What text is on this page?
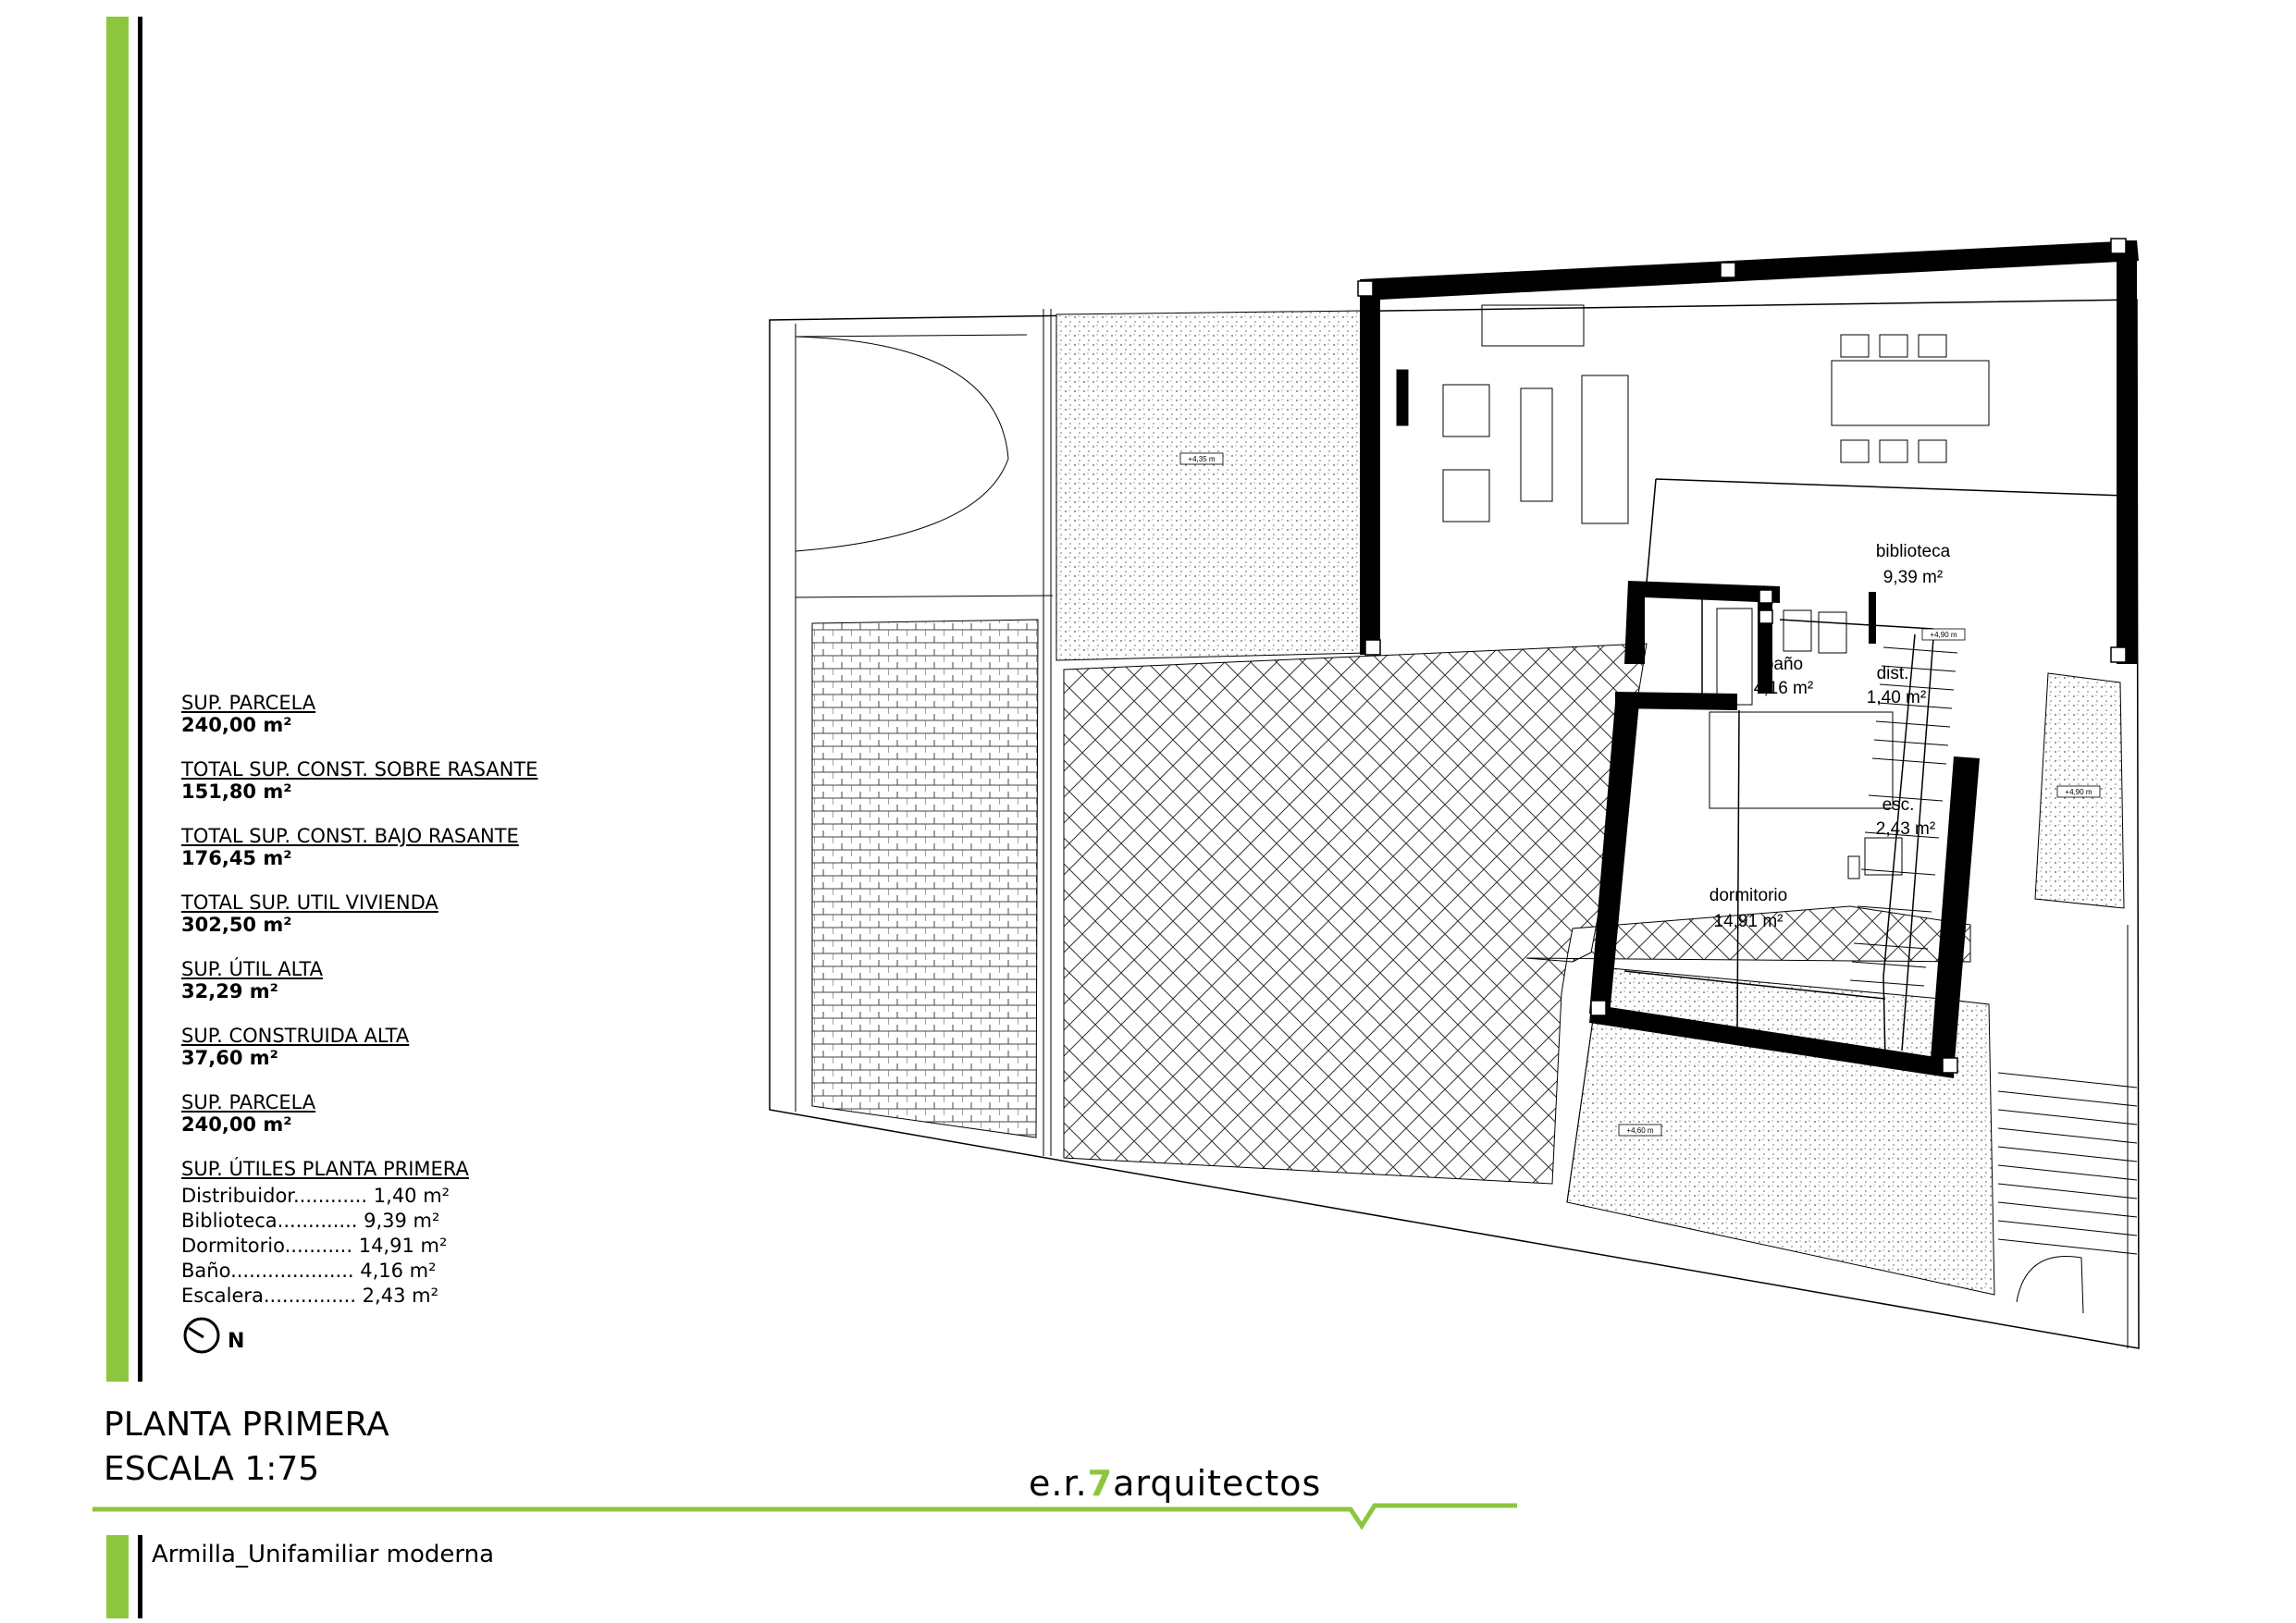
SUP. PARCELA
240,00 m²
TOTAL SUP. CONST. SOBRE RASANTE
151,80 m²
TOTAL SUP. CONST. BAJO RASANTE
176,45 m²
TOTAL SUP. UTIL VIVIENDA
302,50 m²
SUP. ÚTIL ALTA
32,29 m²
SUP. CONSTRUIDA ALTA
37,60 m²
SUP. PARCELA
240,00 m²
SUP. ÚTILES PLANTA PRIMERA
Distribuidor............ 1,40 m²
Biblioteca............. 9,39 m²
Dormitorio........... 14,91 m²
Baño.................... 4,16 m²
Escalera............... 2,43 m²
N
PLANTA PRIMERA
ESCALA 1:75	e.r.7arquitectos
Armilla_Unifamiliar moderna
biblioteca
9,39 m²
baño
4,16 m²
dist.
1,40 m²
esc.
2,43 m²
dormitorio
14,91 m²
+4,35 m
+4,90 m
+4,90 m
+4,60 m
